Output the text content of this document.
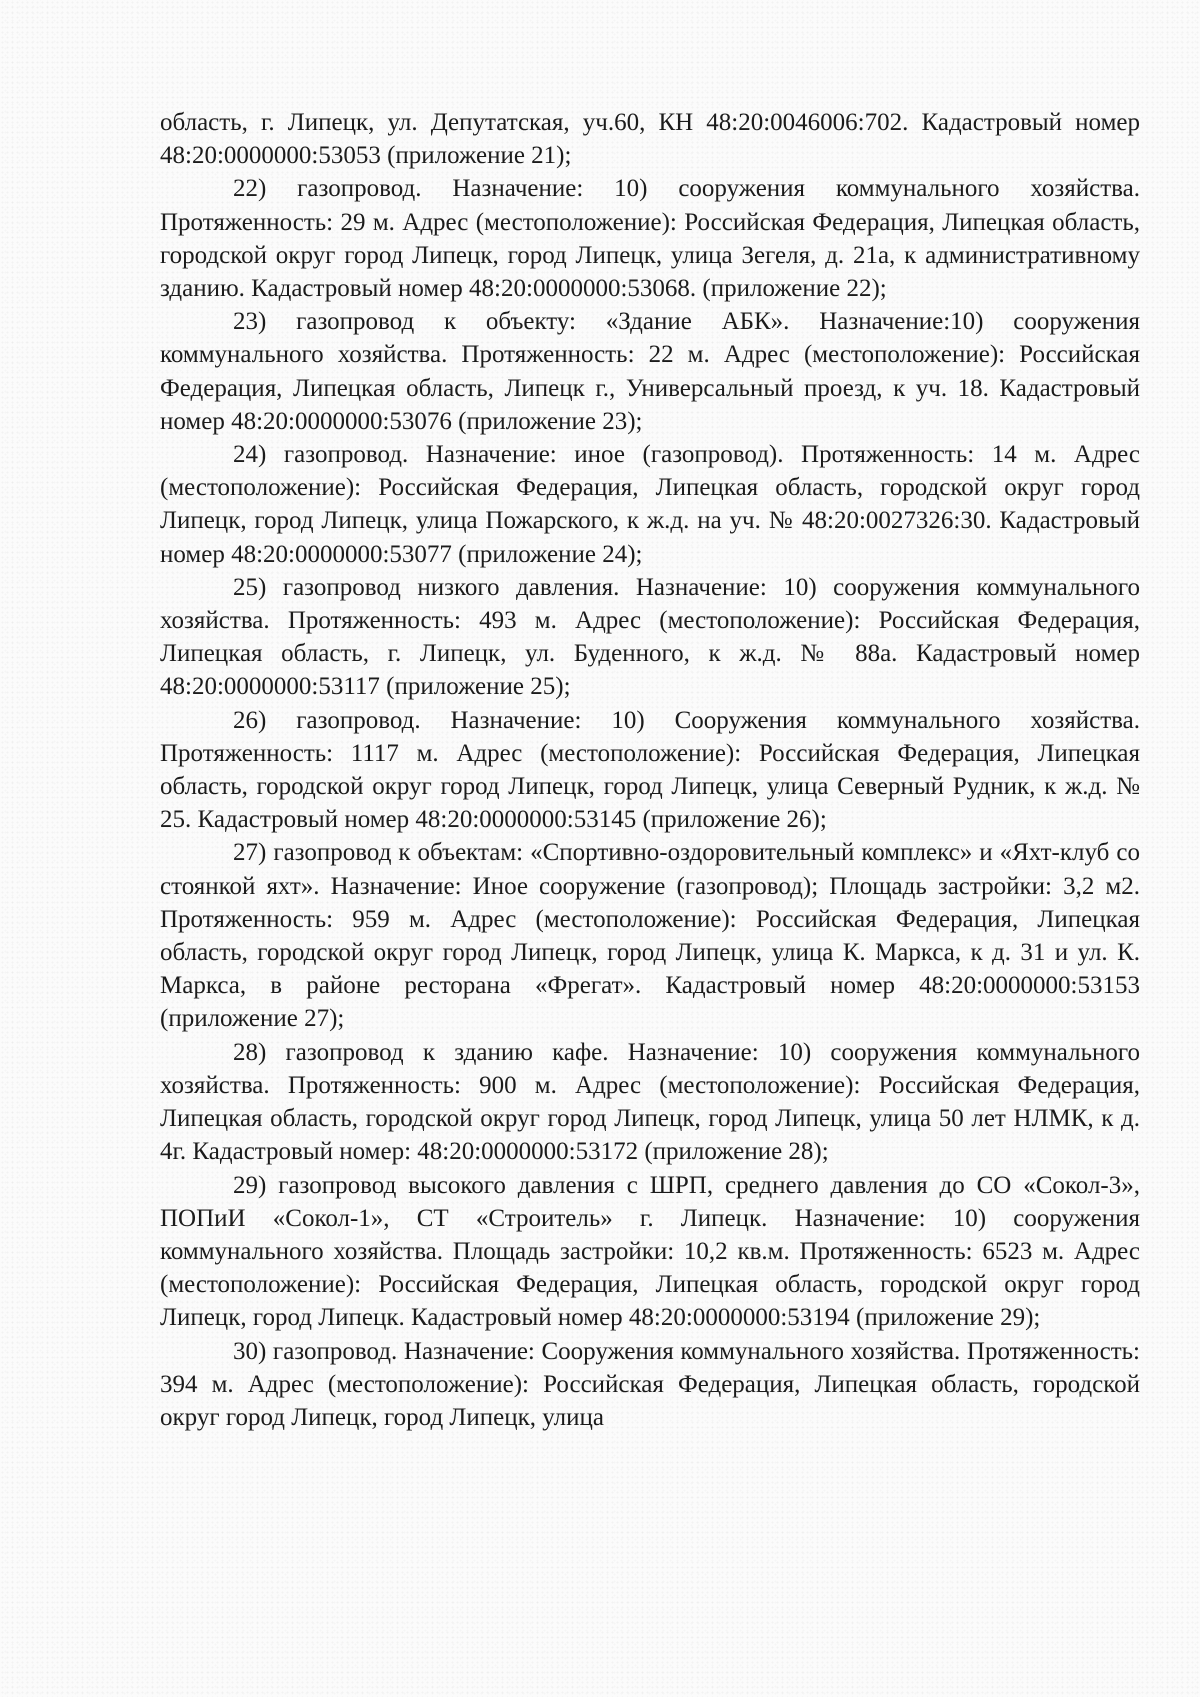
область, г. Липецк, ул. Депутатская, уч.60, КН 48:20:0046006:702. Кадастровый номер 48:20:0000000:53053 (приложение 21);

22) газопровод. Назначение: 10) сооружения коммунального хозяйства. Протяженность: 29 м. Адрес (местоположение): Российская Федерация, Липецкая область, городской округ город Липецк, город Липецк, улица Зегеля, д. 21а, к административному зданию. Кадастровый номер 48:20:0000000:53068. (приложение 22);

23) газопровод к объекту: «Здание АБК». Назначение:10) сооружения коммунального хозяйства. Протяженность: 22 м. Адрес (местоположение): Российская Федерация, Липецкая область, Липецк г., Универсальный проезд, к уч. 18. Кадастровый номер 48:20:0000000:53076 (приложение 23);

24) газопровод. Назначение: иное (газопровод). Протяженность: 14 м. Адрес (местоположение): Российская Федерация, Липецкая область, городской округ город Липецк, город Липецк, улица Пожарского, к ж.д. на уч. № 48:20:0027326:30. Кадастровый номер 48:20:0000000:53077 (приложение 24);

25) газопровод низкого давления. Назначение: 10) сооружения коммунального хозяйства. Протяженность: 493 м. Адрес (местоположение): Российская Федерация, Липецкая область, г. Липецк, ул. Буденного, к ж.д. № 88а. Кадастровый номер 48:20:0000000:53117 (приложение 25);

26) газопровод. Назначение: 10) Сооружения коммунального хозяйства. Протяженность: 1117 м. Адрес (местоположение): Российская Федерация, Липецкая область, городской округ город Липецк, город Липецк, улица Северный Рудник, к ж.д. № 25. Кадастровый номер 48:20:0000000:53145 (приложение 26);

27) газопровод к объектам: «Спортивно-оздоровительный комплекс» и «Яхт-клуб со стоянкой яхт». Назначение: Иное сооружение (газопровод); Площадь застройки: 3,2 м2. Протяженность: 959 м. Адрес (местоположение): Российская Федерация, Липецкая область, городской округ город Липецк, город Липецк, улица К. Маркса, к д. 31 и ул. К. Маркса, в районе ресторана «Фрегат». Кадастровый номер 48:20:0000000:53153 (приложение 27);

28) газопровод к зданию кафе. Назначение: 10) сооружения коммунального хозяйства. Протяженность: 900 м. Адрес (местоположение): Российская Федерация, Липецкая область, городской округ город Липецк, город Липецк, улица 50 лет НЛМК, к д. 4г. Кадастровый номер: 48:20:0000000:53172 (приложение 28);

29) газопровод высокого давления с ШРП, среднего давления до СО «Сокол-3», ПОПиИ «Сокол-1», СТ «Строитель» г. Липецк. Назначение: 10) сооружения коммунального хозяйства. Площадь застройки: 10,2 кв.м. Протяженность: 6523 м. Адрес (местоположение): Российская Федерация, Липецкая область, городской округ город Липецк, город Липецк. Кадастровый номер 48:20:0000000:53194 (приложение 29);

30) газопровод. Назначение: Сооружения коммунального хозяйства. Протяженность: 394 м. Адрес (местоположение): Российская Федерация, Липецкая область, городской округ город Липецк, город Липецк, улица
